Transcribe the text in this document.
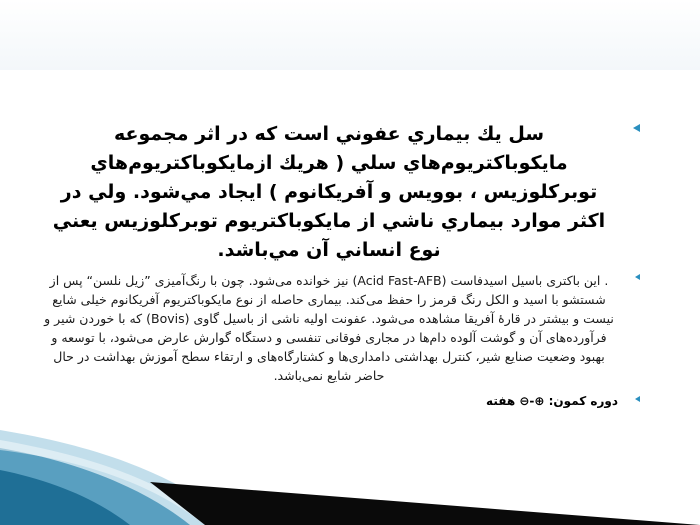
سل يك بيماري عفوني است كه در اثر مجموعه مايكوباكتريوم‌هاي سلي ( هريك ازمايكوباكتريوم‌هاي توبركلوزيس ، بوويس و آفريكانوم ) ايجاد مي‌شود. ولي در اكثر موارد بيماري ناشي از مايكوباكتريوم توبركلوزيس يعني نوع انساني آن مي‌باشد.
. این باکتری باسیل اسیدفاست (Acid Fast-AFB) نیز خوانده می‌شود. چون با رنگ‌آمیزی ”زیل نلسن“ پس از شستشو با اسید و الکل رنگ قرمز را حفظ می‌کند. بیماری حاصله از نوع مایکوباکتریوم آفریکانوم خیلی شایع نیست و بیشتر در قارهٔ آفریقا مشاهده می‌شود. عفونت اولیه ناشی از باسیل گاوی (Bovis) که با خوردن شیر و فرآورده‌های آن و گوشت آلوده دام‌ها در مجاری فوقانی تنفسی و دستگاه گوارش عارض می‌شود، با توسعه و بهبود وضعیت صنایع شیر، کنترل بهداشتی دامداری‌ها و کشتارگاه‌های و ارتقاء سطح آموزش بهداشت در حال حاضر شایع نمی‌باشد.
دوره کمون: ⊕-⊖ هفته
